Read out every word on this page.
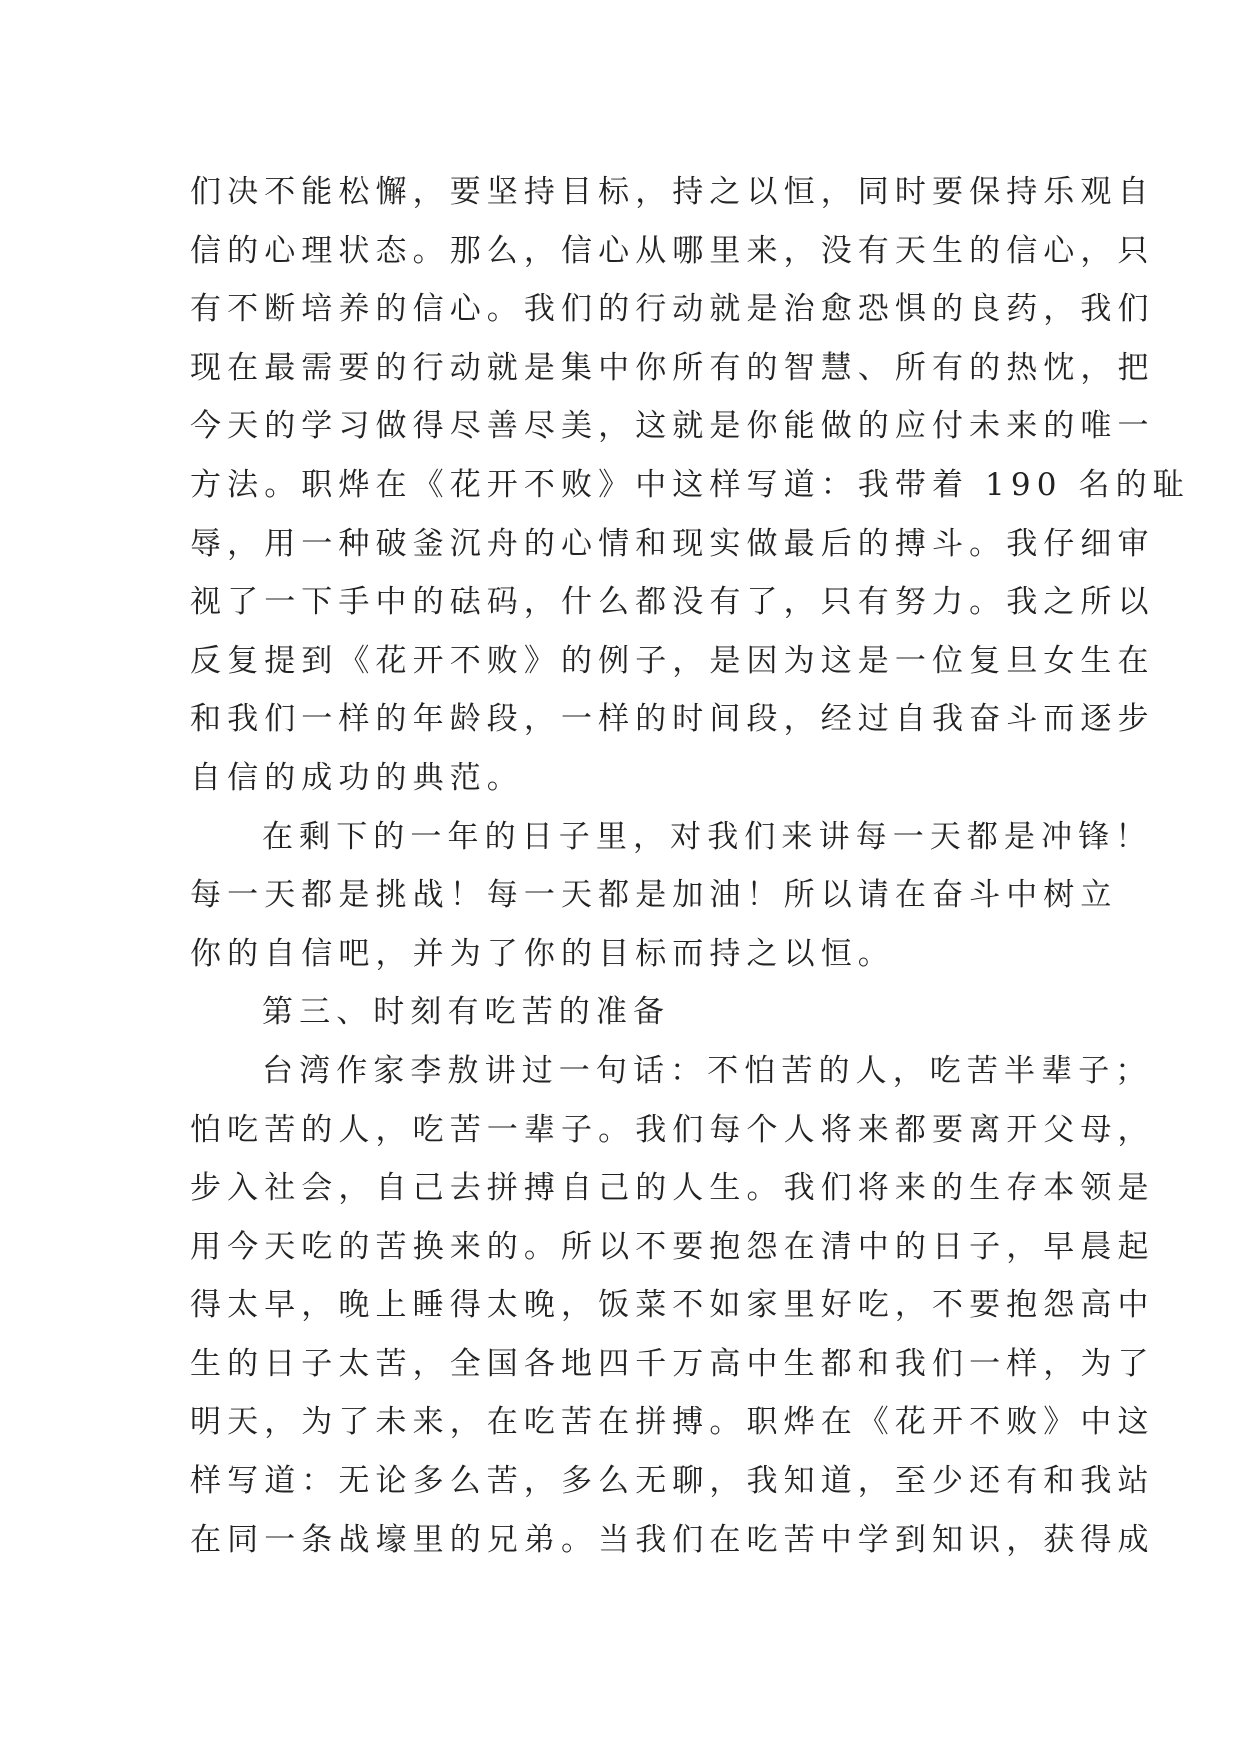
们决不能松懈，要坚持目标，持之以恒，同时要保持乐观自
信的心理状态。那么，信心从哪里来，没有天生的信心，只
有不断培养的信心。我们的行动就是治愈恐惧的良药，我们
现在最需要的行动就是集中你所有的智慧、所有的热忱，把
今天的学习做得尽善尽美，这就是你能做的应付未来的唯一
方法。职烨在《花开不败》中这样写道：我带着 190 名的耻
辱，用一种破釜沉舟的心情和现实做最后的搏斗。我仔细审
视了一下手中的砝码，什么都没有了，只有努力。我之所以
反复提到《花开不败》的例子，是因为这是一位复旦女生在
和我们一样的年龄段，一样的时间段，经过自我奋斗而逐步
自信的成功的典范。
在剩下的一年的日子里，对我们来讲每一天都是冲锋！
每一天都是挑战！每一天都是加油！所以请在奋斗中树立
你的自信吧，并为了你的目标而持之以恒。
第三、时刻有吃苦的准备
台湾作家李敖讲过一句话：不怕苦的人，吃苦半辈子；
怕吃苦的人，吃苦一辈子。我们每个人将来都要离开父母，
步入社会，自己去拼搏自己的人生。我们将来的生存本领是
用今天吃的苦换来的。所以不要抱怨在清中的日子，早晨起
得太早，晚上睡得太晚，饭菜不如家里好吃，不要抱怨高中
生的日子太苦，全国各地四千万高中生都和我们一样，为了
明天，为了未来，在吃苦在拼搏。职烨在《花开不败》中这
样写道：无论多么苦，多么无聊，我知道，至少还有和我站
在同一条战壕里的兄弟。当我们在吃苦中学到知识，获得成
